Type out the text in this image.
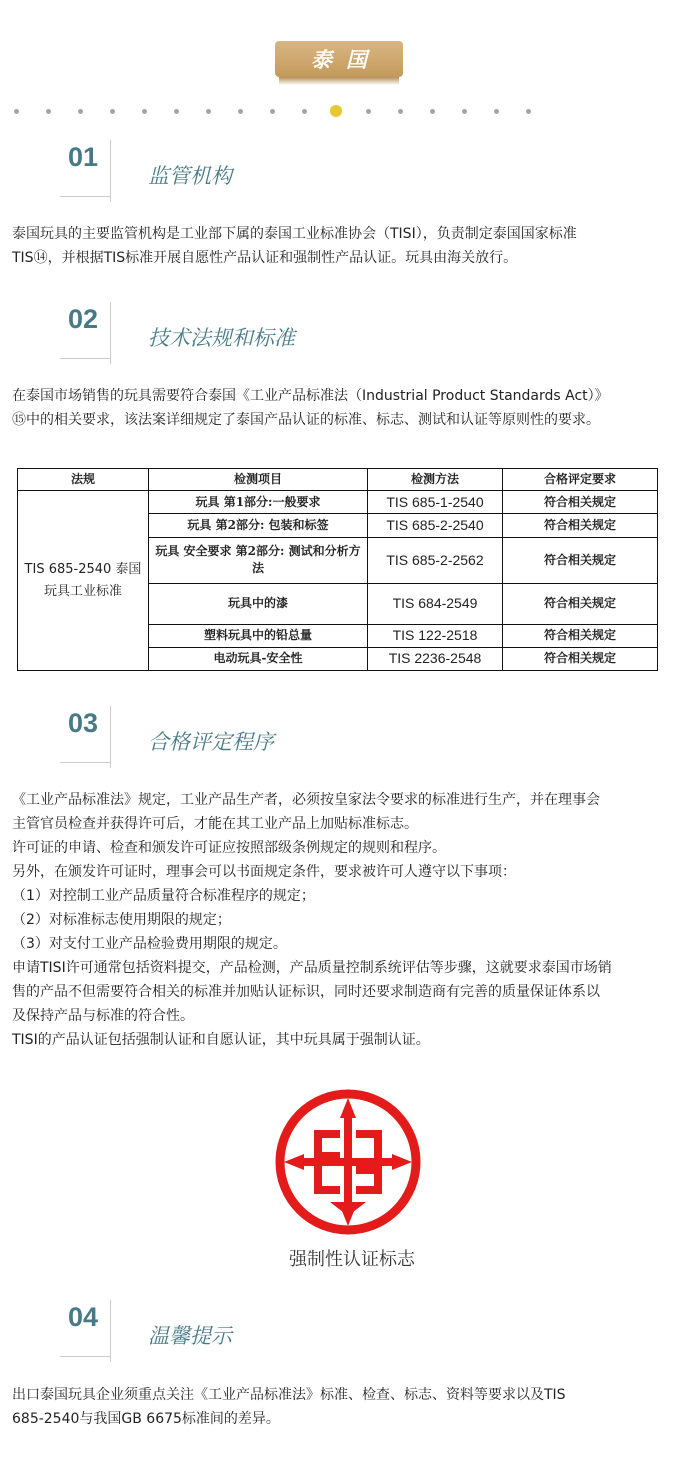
泰国
01
监管机构
泰国玩具的主要监管机构是工业部下属的泰国工业标准协会（TISI），负责制定泰国国家标准
TIS⑭，并根据TIS标准开展自愿性产品认证和强制性产品认证。玩具由海关放行。
02
技术法规和标准
在泰国市场销售的玩具需要符合泰国《工业产品标准法（Industrial Product Standards Act）》
⑮中的相关要求，该法案详细规定了泰国产品认证的标准、标志、测试和认证等原则性的要求。
法规	检测项目	检测方法	合格评定要求
TIS 685-2540 泰国玩具工业标准	玩具 第1部分:一般要求	TIS 685-1-2540	符合相关规定
	玩具 第2部分: 包装和标签	TIS 685-2-2540	符合相关规定
	玩具 安全要求 第2部分: 测试和分析方法	TIS 685-2-2562	符合相关规定
	玩具中的漆	TIS 684-2549	符合相关规定
	塑料玩具中的铅总量	TIS 122-2518	符合相关规定
	电动玩具-安全性	TIS 2236-2548	符合相关规定
03
合格评定程序
《工业产品标准法》规定，工业产品生产者，必须按皇家法令要求的标准进行生产，并在理事会
主管官员检查并获得许可后，才能在其工业产品上加贴标准标志。
许可证的申请、检查和颁发许可证应按照部级条例规定的规则和程序。
另外，在颁发许可证时，理事会可以书面规定条件，要求被许可人遵守以下事项：
（1）对控制工业产品质量符合标准程序的规定；
（2）对标准标志使用期限的规定；
（3）对支付工业产品检验费用期限的规定。
申请TISI许可通常包括资料提交，产品检测，产品质量控制系统评估等步骤，这就要求泰国市场销
售的产品不但需要符合相关的标准并加贴认证标识，同时还要求制造商有完善的质量保证体系以
及保持产品与标准的符合性。
TISI的产品认证包括强制认证和自愿认证，其中玩具属于强制认证。
强制性认证标志
04
温馨提示
出口泰国玩具企业须重点关注《工业产品标准法》标准、检查、标志、资料等要求以及TIS
685-2540与我国GB 6675标准间的差异。
